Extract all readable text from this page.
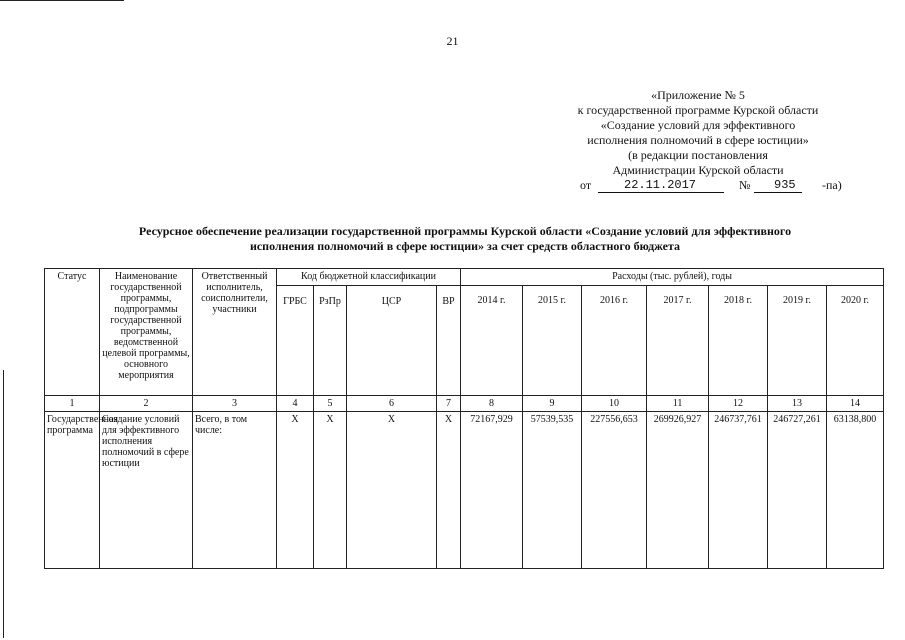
21
«Приложение № 5
к государственной программе Курской области
«Создание условий для эффективного
исполнения полномочий в сфере юстиции»
(в редакции постановления
Администрации Курской области
от	22.11.2017	№	935	-па)
Ресурсное обеспечение реализации государственной программы Курской области «Создание условий для эффективного
исполнения полномочий в сфере юстиции» за счет средств областного бюджета
Статус	Наименование государственной программы, подпрограммы государственной программы, ведомственной целевой программы, основного мероприятия	Ответственный исполнитель, соисполнители, участники	Код бюджетной классификации				Расходы (тыс. рублей), годы						
			ГРБС	РзПр	ЦСР	ВР	2014 г.	2015 г.	2016 г.	2017 г.	2018 г.	2019 г.	2020 г.
1	2	3	4	5	6	7	8	9	10	11	12	13	14
Государственная программа	Создание условий для эффективного исполнения полномочий в сфере юстиции	Всего, в том числе:	X	X	X	X	72167,929	57539,535	227556,653	269926,927	246737,761	246727,261	63138,800
